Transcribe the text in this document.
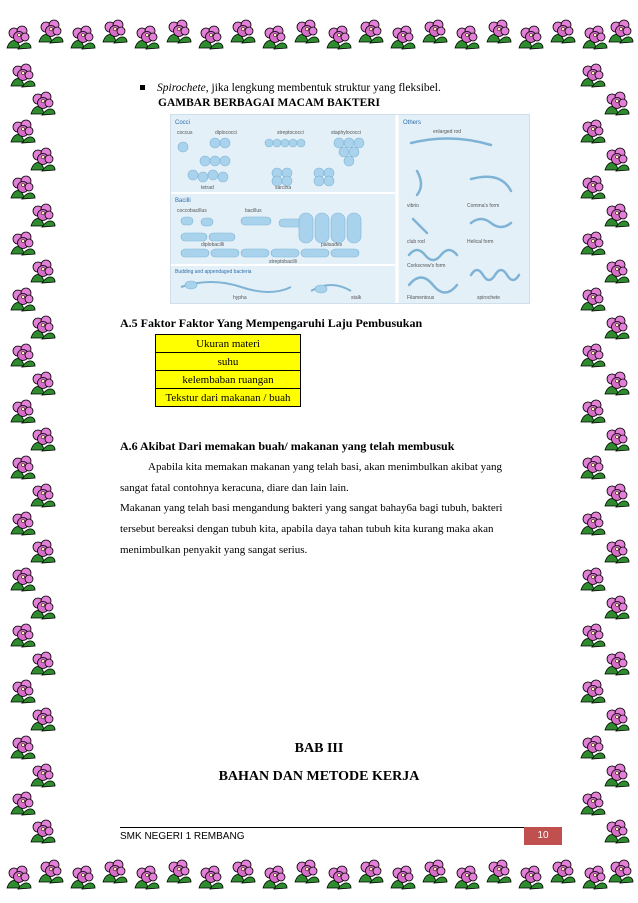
Spirochete, jika lengkung membentuk struktur yang fleksibel.
GAMBAR BERBAGAI MACAM BAKTERI
Cocci	Others
coccus	diplococci	streptococci	staphylococci
tetrad	sarcina
Bacilli
coccobacillus	bacillus
diplobacilli	palisades
streptobacilli
Budding and appendaged bacteria
hypha	stalk
enlarged rod
vibrio	Comma's form
club rod	Helical form
Corkscrew's form
Filamentous	spirochete
A.5 Faktor Faktor Yang Mempengaruhi Laju Pembusukan
Ukuran materi
suhu
kelembaban ruangan
Tekstur dari makanan / buah
A.6 Akibat Dari memakan buah/ makanan yang telah membusuk
Apabila kita memakan makanan yang telah basi, akan menimbulkan akibat yang
sangat fatal contohnya keracuna, diare dan lain lain.
Makanan yang telah basi mengandung bakteri yang sangat bahay6a bagi tubuh, bakteri
tersebut bereaksi dengan tubuh kita, apabila daya tahan tubuh kita kurang maka akan
menimbulkan penyakit yang sangat serius.
BAB III
BAHAN DAN METODE KERJA
SMK NEGERI 1 REMBANG	10
